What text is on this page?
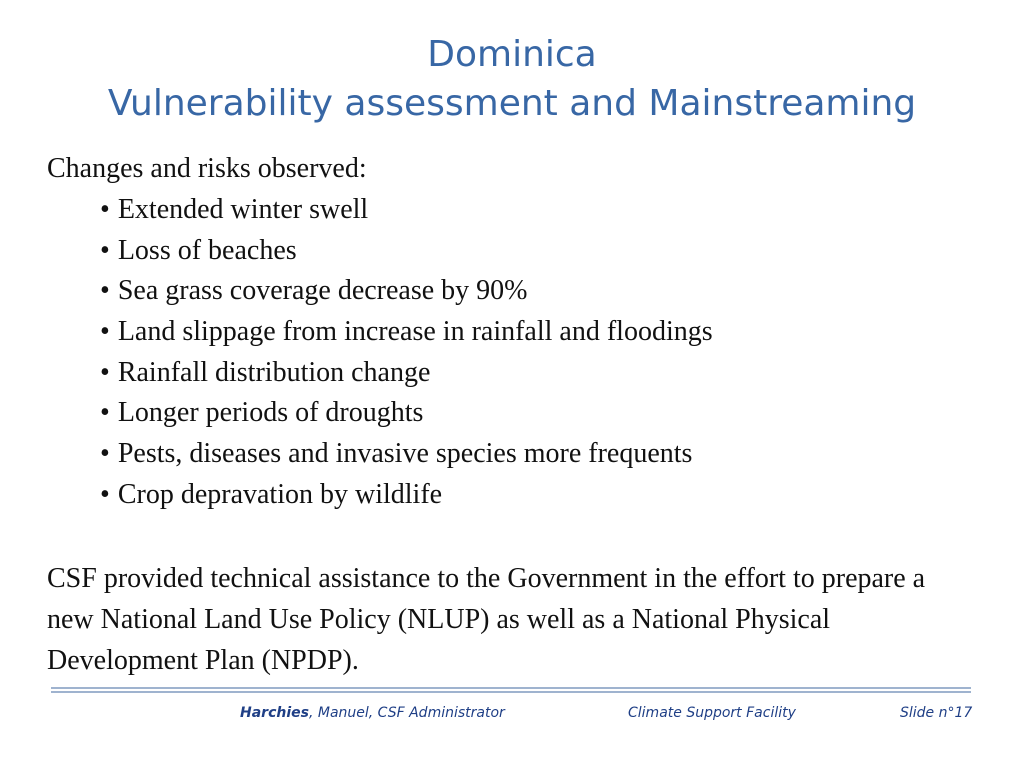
Dominica
Vulnerability assessment and Mainstreaming
Changes and risks observed:
• Extended winter swell
• Loss of beaches
• Sea grass coverage decrease by 90%
• Land slippage from increase in rainfall and floodings
• Rainfall distribution change
• Longer periods of droughts
• Pests, diseases and invasive species more frequents
• Crop depravation by wildlife
CSF provided technical assistance to the Government in the effort to prepare a new National Land Use Policy (NLUP) as well as a National Physical Development Plan (NPDP).
Harchies, Manuel, CSF Administrator	Climate Support Facility	Slide n°17
